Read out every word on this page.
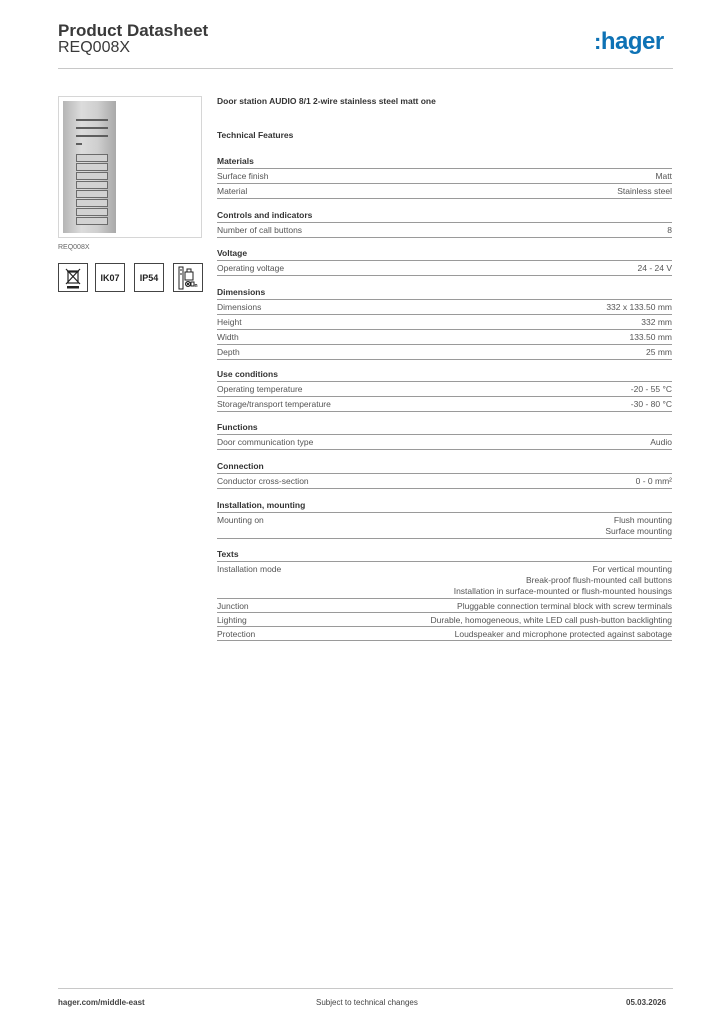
Product Datasheet
REQ008X	:hager
REQ008X
IK07	IP54
n
Door station AUDIO 8/1 2-wire stainless steel matt one
Technical Features
Materials
Surface finish	Matt
Material	Stainless steel
Controls and indicators
Number of call buttons	8
Voltage
Operating voltage	24 - 24 V
Dimensions
Dimensions	332 x 133.50 mm
Height	332 mm
Width	133.50 mm
Depth	25 mm
Use conditions
Operating temperature	-20 - 55 °C
Storage/transport temperature	-30 - 80 °C
Functions
Door communication type	Audio
Connection
Conductor cross-section	0 - 0 mm²
Installation, mounting
Mounting on	Flush mounting
Surface mounting
Texts
Installation mode	For vertical mounting
Break-proof flush-mounted call buttons
Installation in surface-mounted or flush-mounted housings
Junction	Pluggable connection terminal block with screw terminals
Lighting	Durable, homogeneous, white LED call push-button backlighting
Protection	Loudspeaker and microphone protected against sabotage
hager.com/middle-east	Subject to technical changes	05.03.2026
